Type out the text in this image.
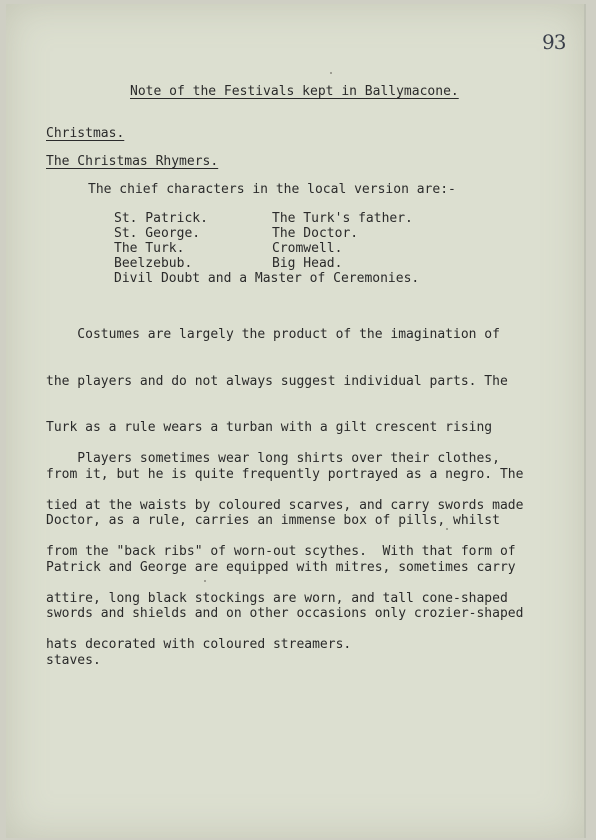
93
Note of the Festivals kept in Ballymacone.
Christmas.
The Christmas Rhymers.
The chief characters in the local version are:-
St. Patrick.	The Turk's father.
St. George.	The Doctor.
The Turk.	Cromwell.
Beelzebub.	Big Head.
Divil Doubt and a Master of Ceremonies.

Costumes are largely the product of the imagination of

the players and do not always suggest individual parts. The

Turk as a rule wears a turban with a gilt crescent rising

from it, but he is quite frequently portrayed as a negro. The

Doctor, as a rule, carries an immense box of pills, whilst

Patrick and George are equipped with mitres, sometimes carry

swords and shields and on other occasions only crozier-shaped

staves.

Players sometimes wear long shirts over their clothes,

tied at the waists by coloured scarves, and carry swords made

from the "back ribs" of worn-out scythes.  With that form of

attire, long black stockings are worn, and tall cone-shaped

hats decorated with coloured streamers.
